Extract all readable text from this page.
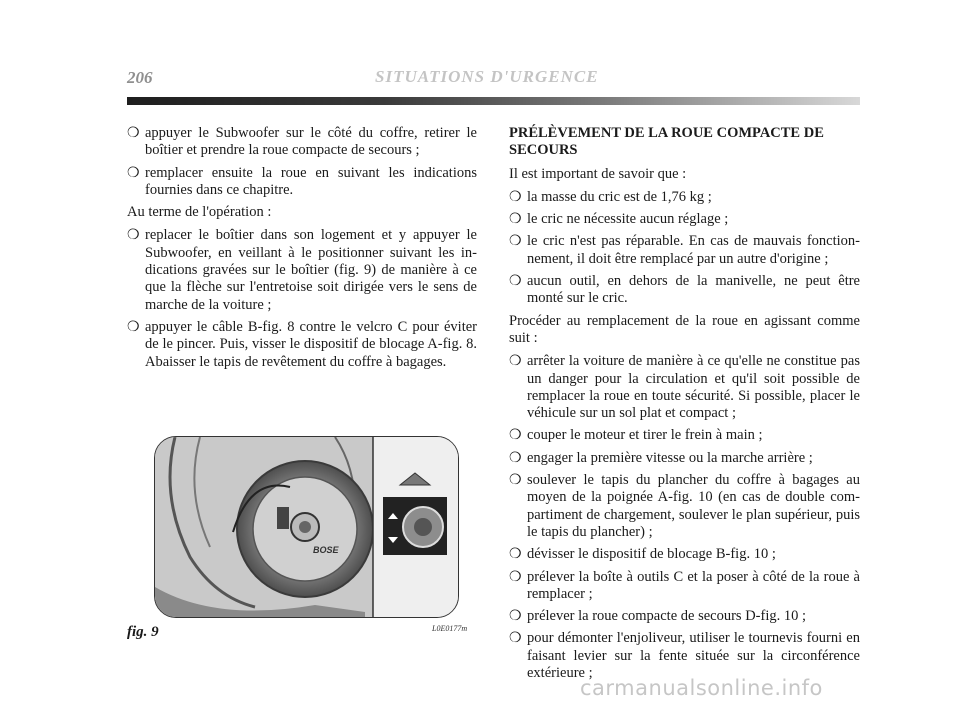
206	SITUATIONS D'URGENCE
❍ appuyer le Subwoofer sur le côté du coffre, retirer le boîtier et prendre la roue compacte de secours ;
❍ remplacer ensuite la roue en suivant les indications fournies dans ce chapitre.

Au terme de l'opération :

❍ replacer le boîtier dans son logement et y appuyer le Subwoofer, en veillant à le positionner suivant les indications gravées sur le boîtier (fig. 9) de manière à ce que la flèche sur l'entretoise soit dirigée vers le sens de marche de la voiture ;
❍ appuyer le câble B-fig. 8 contre le velcro C pour éviter de le pincer. Puis, visser le dispositif de blocage A-fig. 8. Abaisser le tapis de revêtement du coffre à bagages.

PRÉLÈVEMENT DE LA ROUE COMPACTE DE SECOURS

Il est important de savoir que :

❍ la masse du cric est de 1,76 kg ;
❍ le cric ne nécessite aucun réglage ;
❍ le cric n'est pas réparable. En cas de mauvais fonctionnement, il doit être remplacé par un autre d'origine ;
❍ aucun outil, en dehors de la manivelle, ne peut être monté sur le cric.

Procéder au remplacement de la roue en agissant comme suit :

❍ arrêter la voiture de manière à ce qu'elle ne constitue pas un danger pour la circulation et qu'il soit possible de remplacer la roue en toute sécurité. Si possible, placer le véhicule sur un sol plat et compact ;
❍ couper le moteur et tirer le frein à main ;
❍ engager la première vitesse ou la marche arrière ;
❍ soulever le tapis du plancher du coffre à bagages au moyen de la poignée A-fig. 10 (en cas de double compartiment de chargement, soulever le plan supérieur, puis le tapis du plancher) ;
❍ dévisser le dispositif de blocage B-fig. 10 ;
❍ prélever la boîte à outils C et la poser à côté de la roue à remplacer ;
❍ prélever la roue compacte de secours D-fig. 10 ;
❍ pour démonter l'enjoliveur, utiliser le tournevis fourni en faisant levier sur la fente située sur la circonférence extérieure ;
BOSE
fig. 9	L0E0177m
carmanualsonline.info
